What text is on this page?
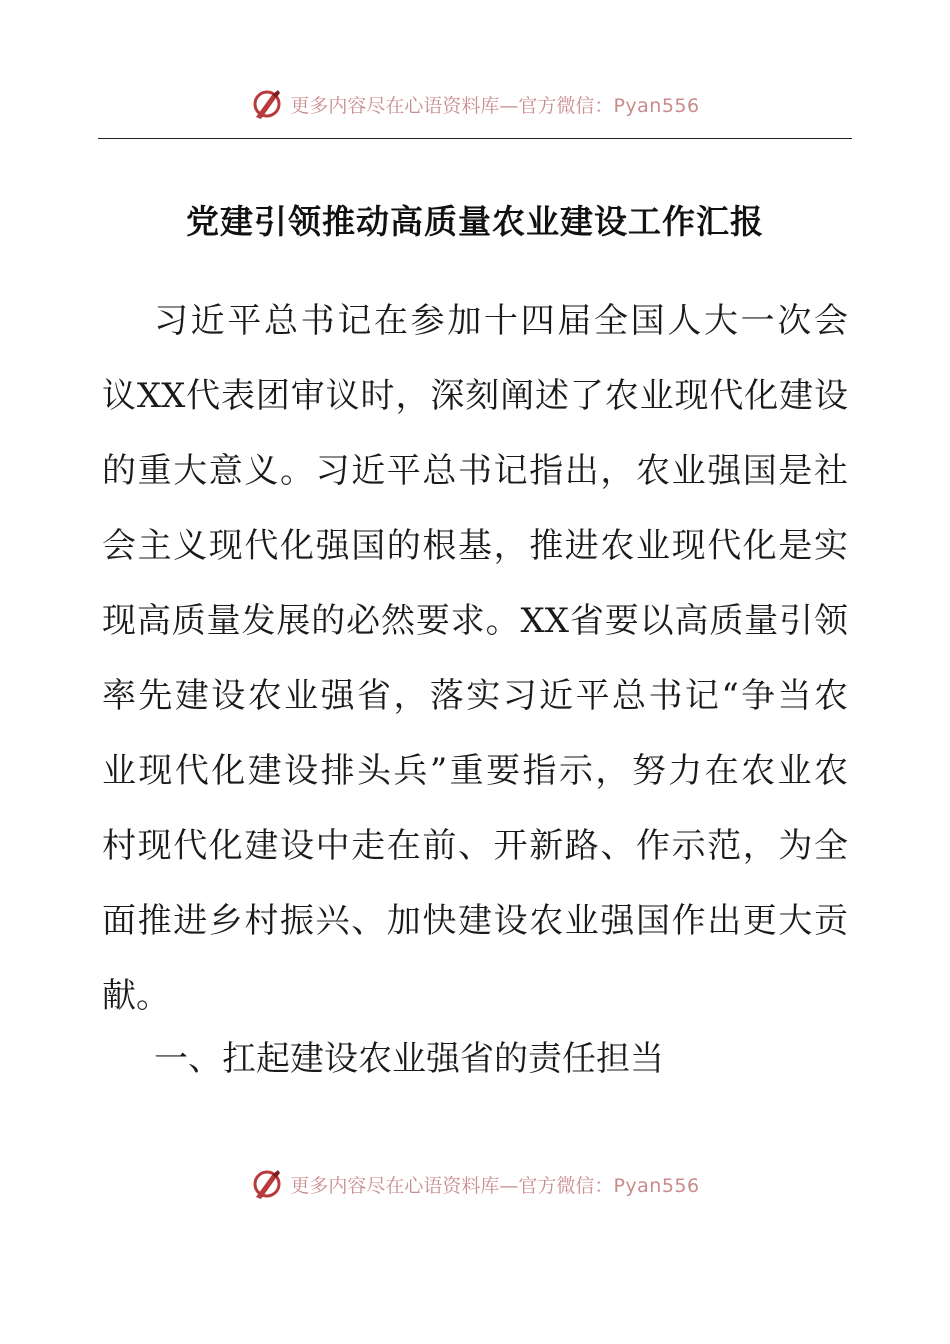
更多内容尽在心语资料库—官方微信：Pyan556
党建引领推动高质量农业建设工作汇报
习近平总书记在参加十四届全国人大一次会
议XX代表团审议时，深刻阐述了农业现代化建设
的重大意义。习近平总书记指出，农业强国是社
会主义现代化强国的根基，推进农业现代化是实
现高质量发展的必然要求。XX省要以高质量引领
率先建设农业强省，落实习近平总书记“争当农
业现代化建设排头兵”重要指示，努力在农业农
村现代化建设中走在前、开新路、作示范，为全
面推进乡村振兴、加快建设农业强国作出更大贡
献。
一、扛起建设农业强省的责任担当
更多内容尽在心语资料库—官方微信：Pyan556
